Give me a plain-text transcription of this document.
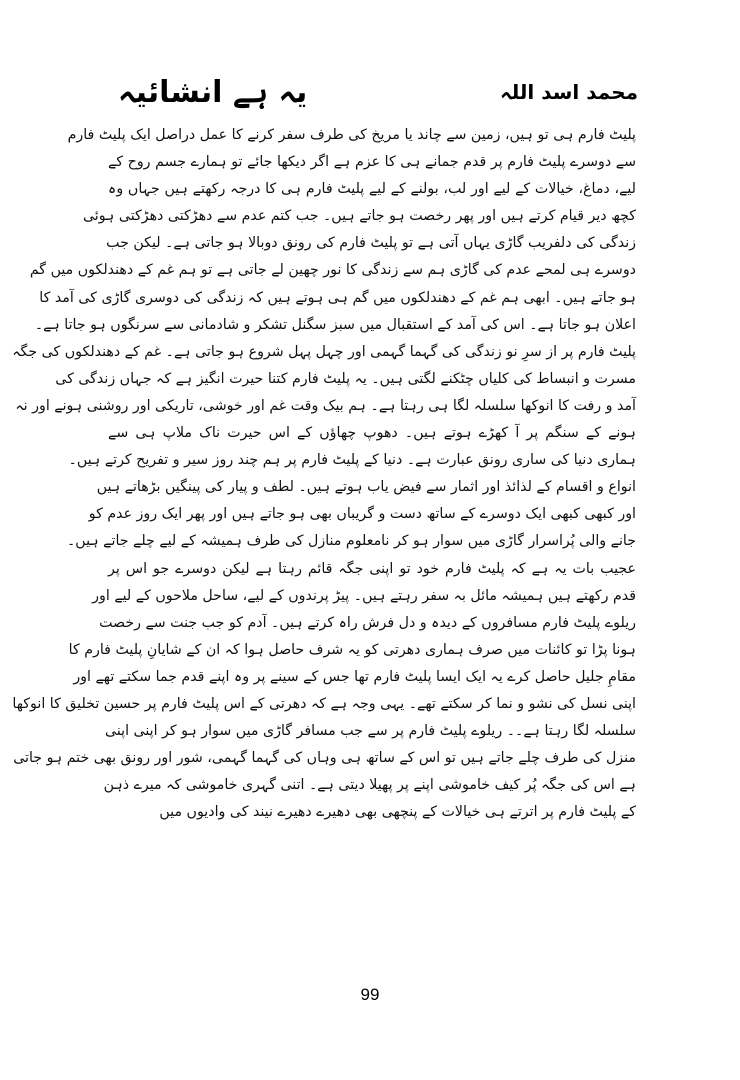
یہ ہے انشائیہ	محمد اسد اللہ
پلیٹ فارم ہی تو ہیں، زمین سے چاند یا مریخ کی طرف سفر کرنے کا عمل دراصل ایک پلیٹ فارم
سے دوسرے پلیٹ فارم پر قدم جمانے ہی کا عزم ہے اگر دیکھا جائے تو ہمارے جسم روح کے
لیے، دماغ، خیالات کے لیے اور لب، بولنے کے لیے پلیٹ فارم ہی کا درجہ رکھتے ہیں جہاں وہ
کچھ دیر قیام کرتے ہیں اور پھر رخصت ہو جاتے ہیں۔ جب کتم عدم سے دھڑکتی دھڑکتی ہوئی
زندگی کی دلفریب گاڑی یہاں آتی ہے تو پلیٹ فارم کی رونق دوبالا ہو جاتی ہے۔ لیکن جب
دوسرے ہی لمحے عدم کی گاڑی ہم سے زندگی کا نور چھین لے جاتی ہے تو ہم غم کے دھندلکوں میں گم
ہو جاتے ہیں۔ ابھی ہم غم کے دھندلکوں میں گم ہی ہوتے ہیں کہ زندگی کی دوسری گاڑی کی آمد کا
اعلان ہو جاتا ہے۔ اس کی آمد کے استقبال میں سبز سگنل تشکر و شادمانی سے سرنگوں ہو جاتا ہے۔
پلیٹ فارم پر از سرِ نو زندگی کی گہما گہمی اور چہل پہل شروع ہو جاتی ہے۔ غم کے دھندلکوں کی جگہ
مسرت و انبساط کی کلیاں چٹکنے لگتی ہیں۔ یہ پلیٹ فارم کتنا حیرت انگیز ہے کہ جہاں زندگی کی
آمد و رفت کا انوکھا سلسلہ لگا ہی رہتا ہے۔ ہم بیک وقت غم اور خوشی، تاریکی اور روشنی ہونے اور نہ
ہونے کے سنگم پر آ کھڑے ہوتے ہیں۔ دھوپ چھاؤں کے اس حیرت ناک ملاپ ہی سے
ہماری دنیا کی ساری رونق عبارت ہے۔ دنیا کے پلیٹ فارم پر ہم چند روز سیر و تفریح کرتے ہیں۔
انواع و اقسام کے لذائذ اور اثمار سے فیض یاب ہوتے ہیں۔ لطف و پیار کی پینگیں بڑھاتے ہیں
اور کبھی کبھی ایک دوسرے کے ساتھ دست و گریباں بھی ہو جاتے ہیں اور پھر ایک روز عدم کو
جانے والی پُراسرار گاڑی میں سوار ہو کر نامعلوم منازل کی طرف ہمیشہ کے لیے چلے جاتے ہیں۔
عجیب بات یہ ہے کہ پلیٹ فارم خود تو اپنی جگہ قائم رہتا ہے لیکن دوسرے جو اس پر
قدم رکھتے ہیں ہمیشہ مائل بہ سفر رہتے ہیں۔ پیڑ پرندوں کے لیے، ساحل ملاحوں کے لیے اور
ریلوے پلیٹ فارم مسافروں کے دیدہ و دل فرش راہ کرتے ہیں۔ آدم کو جب جنت سے رخصت
ہونا پڑا تو کائنات میں صرف ہماری دھرتی کو یہ شرف حاصل ہوا کہ ان کے شایانِ پلیٹ فارم کا
مقامِ جلیل حاصل کرے یہ ایک ایسا پلیٹ فارم تھا جس کے سینے پر وہ اپنے قدم جما سکتے تھے اور
اپنی نسل کی نشو و نما کر سکتے تھے۔ یہی وجہ ہے کہ دھرتی کے اس پلیٹ فارم پر حسین تخلیق کا انوکھا
سلسلہ لگا رہتا ہے۔۔ ریلوے پلیٹ فارم پر سے جب مسافر گاڑی میں سوار ہو کر اپنی اپنی
منزل کی طرف چلے جاتے ہیں تو اس کے ساتھ ہی وہاں کی گہما گہمی، شور اور رونق بھی ختم ہو جاتی
ہے اس کی جگہ پُر کیف خاموشی اپنے پر پھیلا دیتی ہے۔ اتنی گہری خاموشی کہ میرے ذہن
کے پلیٹ فارم پر اترتے ہی خیالات کے پنچھی بھی دھیرے دھیرے نیند کی وادیوں میں
99
